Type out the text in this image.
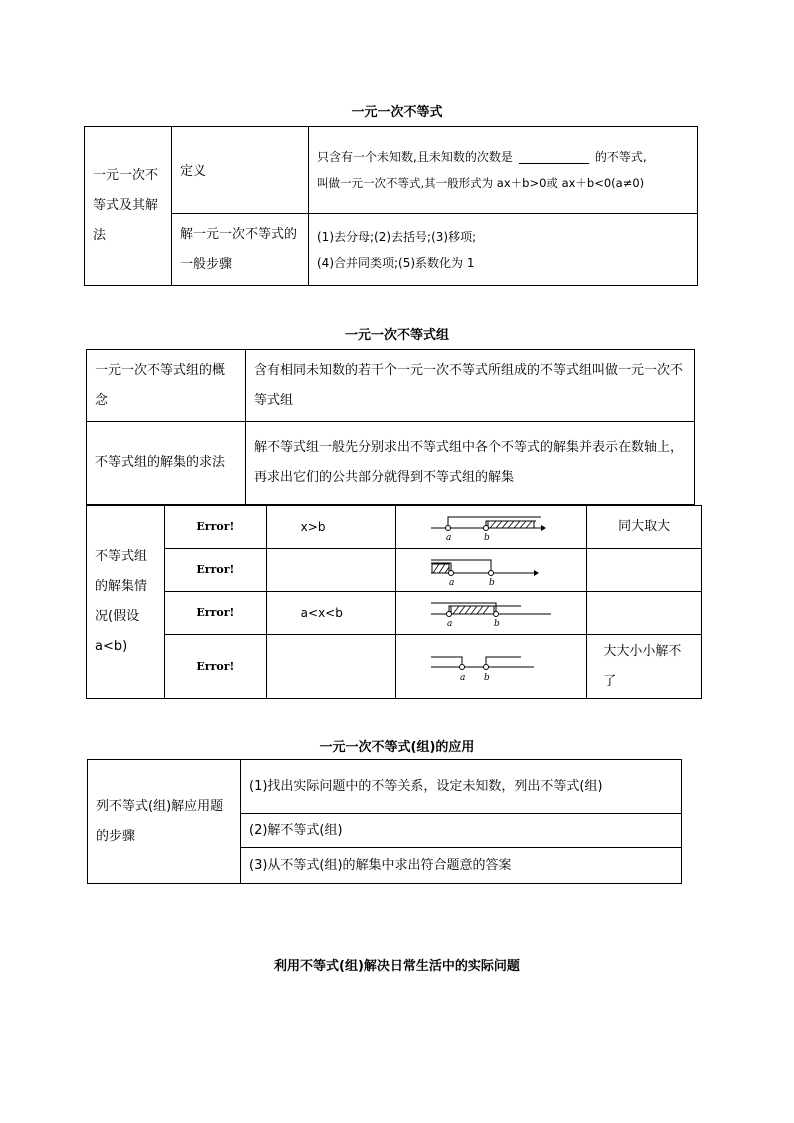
一元一次不等式
一元一次不等式及其解法	定义	只含有一个未知数,且未知数的次数是 的不等式,
叫做一元一次不等式,其一般形式为 ax＋b>0或 ax＋b<0(a≠0)

	解一元一次不等式的一般步骤	(1)去分母;(2)去括号;(3)移项;
(4)合并同类项;(5)系数化为 1
一元一次不等式组
一元一次不等式组的概念	含有相同未知数的若干个一元一次不等式所组成的不等式组叫做一元一次不等式组
不等式组的解集的求法	解不等式组一般先分别求出不等式组中各个不等式的解集并表示在数轴上，再求出它们的公共部分就得到不等式组的解集
不等式组的解集情况(假设 a<b)	Error!	x>b	a b	同大取大
	Error!		a b	

	Error!	a<x<b	a b	

	Error!		a b	大大小小解不了
一元一次不等式(组)的应用
列不等式(组)解应用题的步骤	(1)找出实际问题中的不等关系，设定未知数，列出不等式(组)
(2)解不等式(组)
(3)从不等式(组)的解集中求出符合题意的答案
利用不等式(组)解决日常生活中的实际问题
